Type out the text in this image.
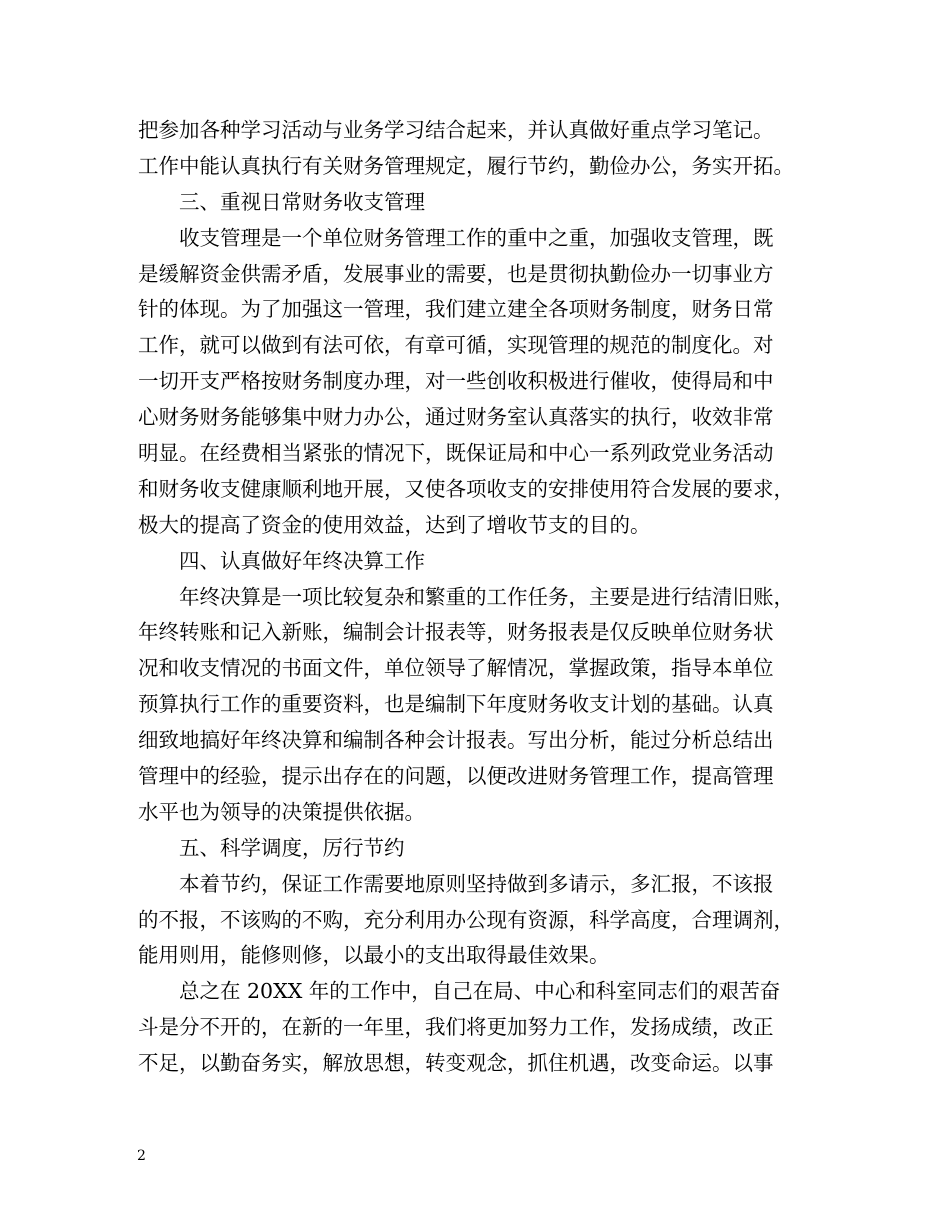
把参加各种学习活动与业务学习结合起来，并认真做好重点学习笔记。
工作中能认真执行有关财务管理规定，履行节约，勤俭办公，务实开拓。
三、重视日常财务收支管理
收支管理是一个单位财务管理工作的重中之重，加强收支管理，既
是缓解资金供需矛盾，发展事业的需要，也是贯彻执勤俭办一切事业方
针的体现。为了加强这一管理，我们建立建全各项财务制度，财务日常
工作，就可以做到有法可依，有章可循，实现管理的规范的制度化。对
一切开支严格按财务制度办理，对一些创收积极进行催收，使得局和中
心财务财务能够集中财力办公，通过财务室认真落实的执行，收效非常
明显。在经费相当紧张的情况下，既保证局和中心一系列政党业务活动
和财务收支健康顺利地开展，又使各项收支的安排使用符合发展的要求，
极大的提高了资金的使用效益，达到了增收节支的目的。
四、认真做好年终决算工作
年终决算是一项比较复杂和繁重的工作任务，主要是进行结清旧账，
年终转账和记入新账，编制会计报表等，财务报表是仅反映单位财务状
况和收支情况的书面文件，单位领导了解情况，掌握政策，指导本单位
预算执行工作的重要资料，也是编制下年度财务收支计划的基础。认真
细致地搞好年终决算和编制各种会计报表。写出分析，能过分析总结出
管理中的经验，提示出存在的问题，以便改进财务管理工作，提高管理
水平也为领导的决策提供依据。
五、科学调度，厉行节约
本着节约，保证工作需要地原则坚持做到多请示，多汇报，不该报
的不报，不该购的不购，充分利用办公现有资源，科学高度，合理调剂，
能用则用，能修则修，以最小的支出取得最佳效果。
总之在 20XX 年的工作中，自己在局、中心和科室同志们的艰苦奋
斗是分不开的，在新的一年里，我们将更加努力工作，发扬成绩，改正
不足，以勤奋务实，解放思想，转变观念，抓住机遇，改变命运。以事
2
